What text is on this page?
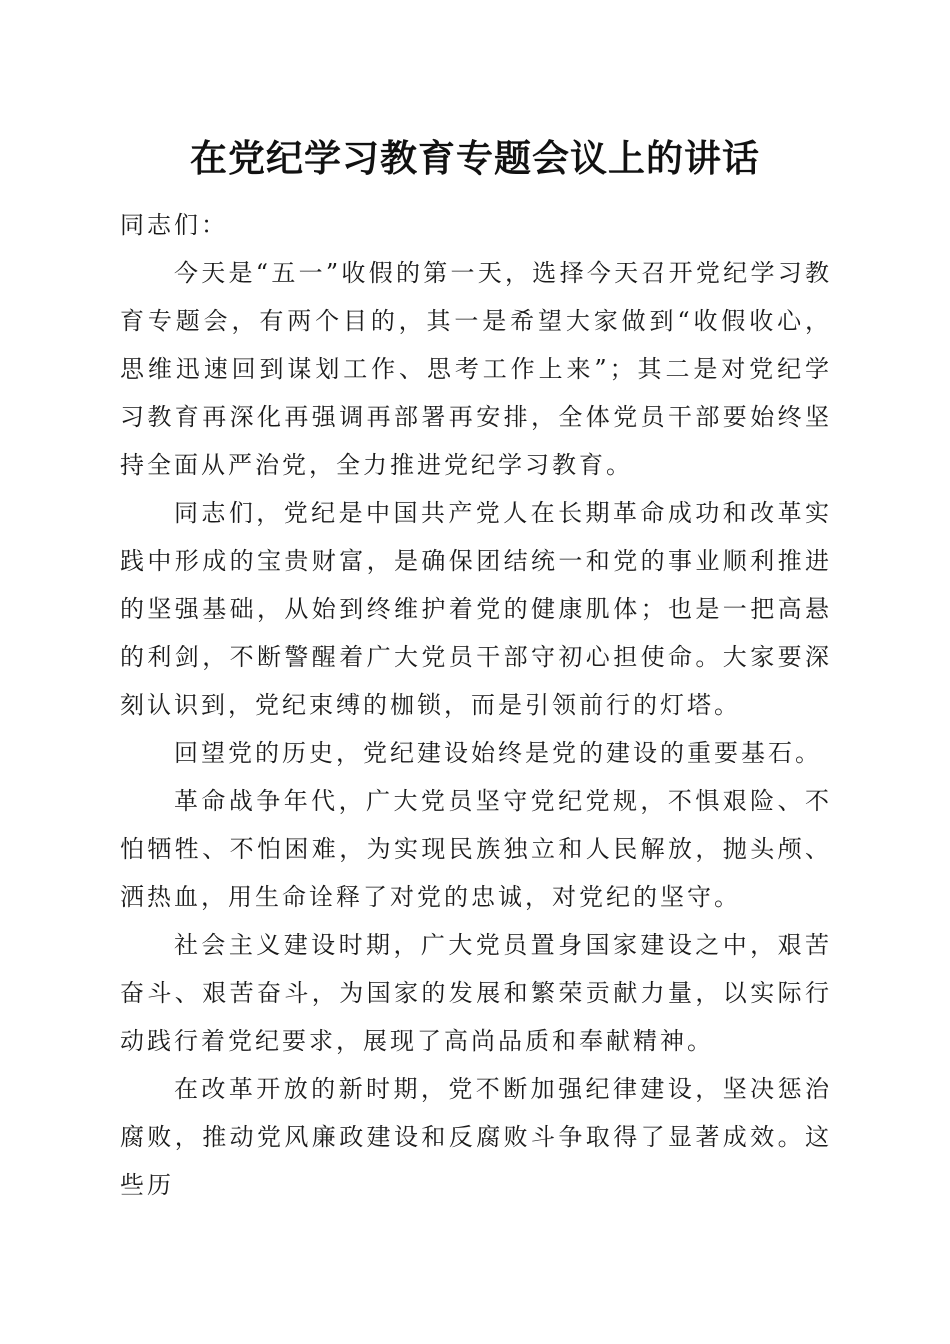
在党纪学习教育专题会议上的讲话

同志们：

今天是“五一”收假的第一天，选择今天召开党纪学习教育专题会，有两个目的，其一是希望大家做到“收假收心，思维迅速回到谋划工作、思考工作上来”；其二是对党纪学习教育再深化再强调再部署再安排，全体党员干部要始终坚持全面从严治党，全力推进党纪学习教育。

同志们，党纪是中国共产党人在长期革命成功和改革实践中形成的宝贵财富，是确保团结统一和党的事业顺利推进的坚强基础，从始到终维护着党的健康肌体；也是一把高悬的利剑，不断警醒着广大党员干部守初心担使命。大家要深刻认识到，党纪束缚的枷锁，而是引领前行的灯塔。

回望党的历史，党纪建设始终是党的建设的重要基石。

革命战争年代，广大党员坚守党纪党规，不惧艰险、不怕牺牲、不怕困难，为实现民族独立和人民解放，抛头颅、洒热血，用生命诠释了对党的忠诚，对党纪的坚守。

社会主义建设时期，广大党员置身国家建设之中，艰苦奋斗、艰苦奋斗，为国家的发展和繁荣贡献力量，以实际行动践行着党纪要求，展现了高尚品质和奉献精神。

在改革开放的新时期，党不断加强纪律建设，坚决惩治腐败，推动党风廉政建设和反腐败斗争取得了显著成效。这些历
